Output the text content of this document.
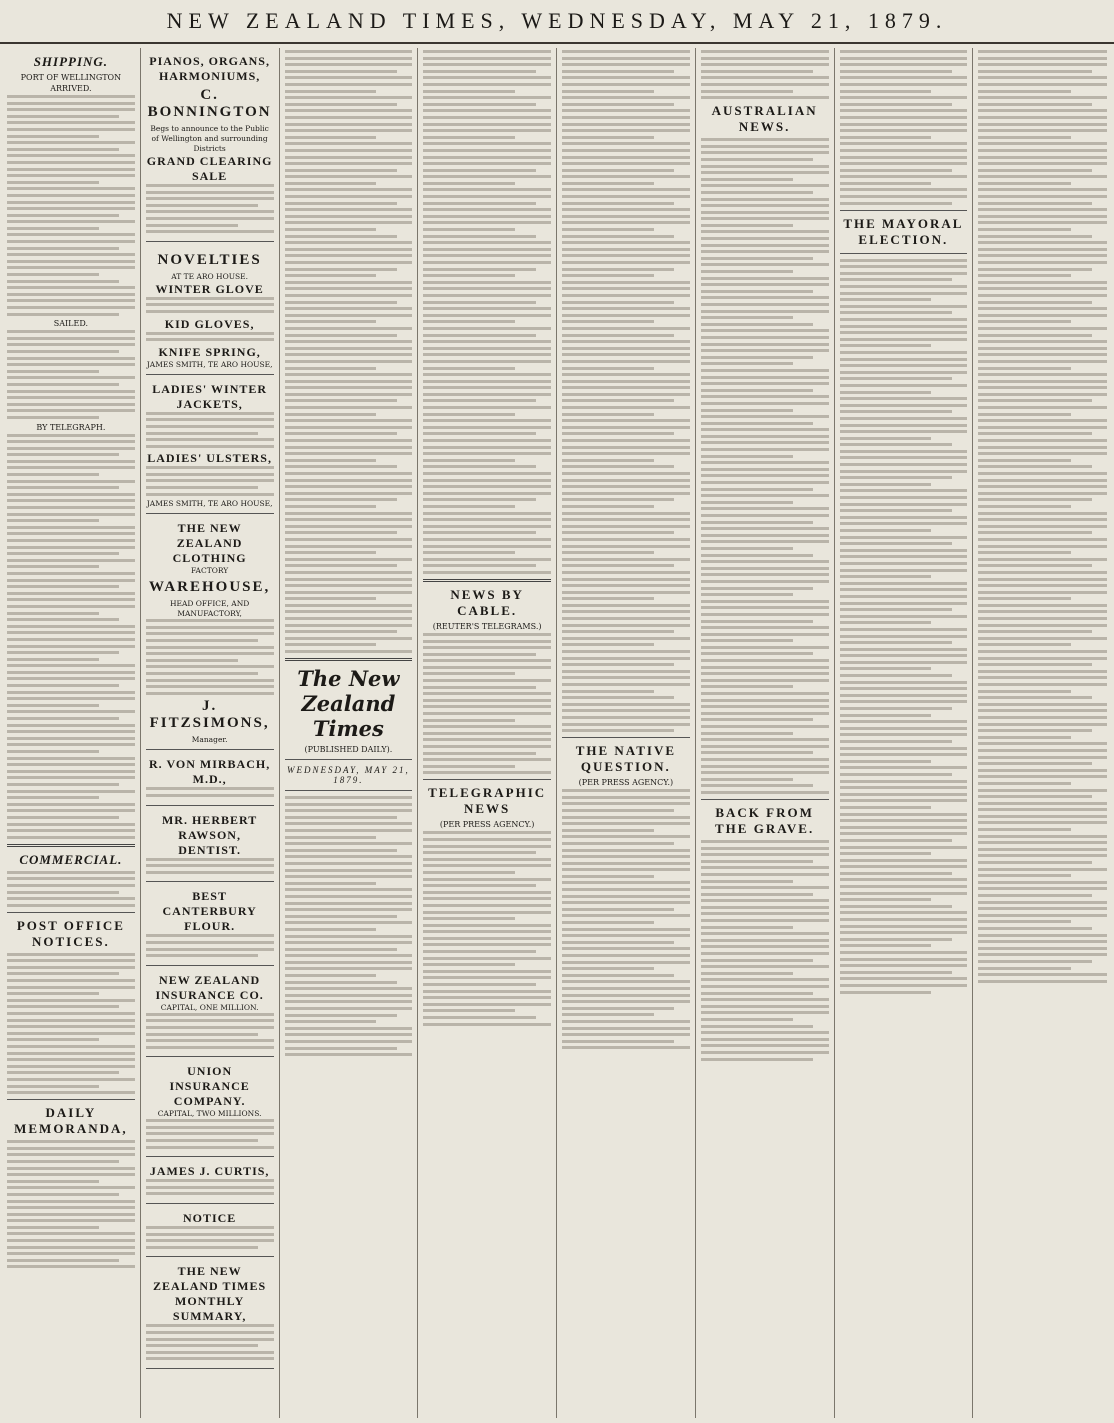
NEW ZEALAND TIMES, WEDNESDAY, MAY 21, 1879.
SHIPPING.
PORT OF WELLINGTON
ARRIVED.
SAILED.
BY TELEGRAPH.
COMMERCIAL.
POST OFFICE NOTICES.
DAILY MEMORANDA,
PIANOS, ORGANS, HARMONIUMS,
C. BONNINGTON
Begs to announce to the Public of Wellington and surrounding Districts
GRAND CLEARING SALE
NOVELTIES
AT TE ARO HOUSE.
WINTER GLOVE
KID GLOVES,
KNIFE SPRING,
JAMES SMITH, TE ARO HOUSE,
LADIES' WINTER JACKETS,
LADIES' ULSTERS,
JAMES SMITH, TE ARO HOUSE,
THE NEW ZEALAND CLOTHING
FACTORY
WAREHOUSE,
HEAD OFFICE, AND MANUFACTORY,
J. FITZSIMONS,
Manager.
R. VON MIRBACH, M.D.,
MR. HERBERT RAWSON, DENTIST.
BEST CANTERBURY FLOUR.
NEW ZEALAND INSURANCE CO.
CAPITAL, ONE MILLION.
UNION INSURANCE COMPANY.
CAPITAL, TWO MILLIONS.
JAMES J. CURTIS,
NOTICE
THE NEW ZEALAND TIMES MONTHLY SUMMARY,
The New Zealand Times
(PUBLISHED DAILY).
WEDNESDAY, MAY 21, 1879.
NEWS BY CABLE.
(REUTER'S TELEGRAMS.)
TELEGRAPHIC NEWS
(PER PRESS AGENCY.)
THE NATIVE QUESTION.
(PER PRESS AGENCY.)
AUSTRALIAN NEWS.
BACK FROM THE GRAVE.
THE MAYORAL ELECTION.
